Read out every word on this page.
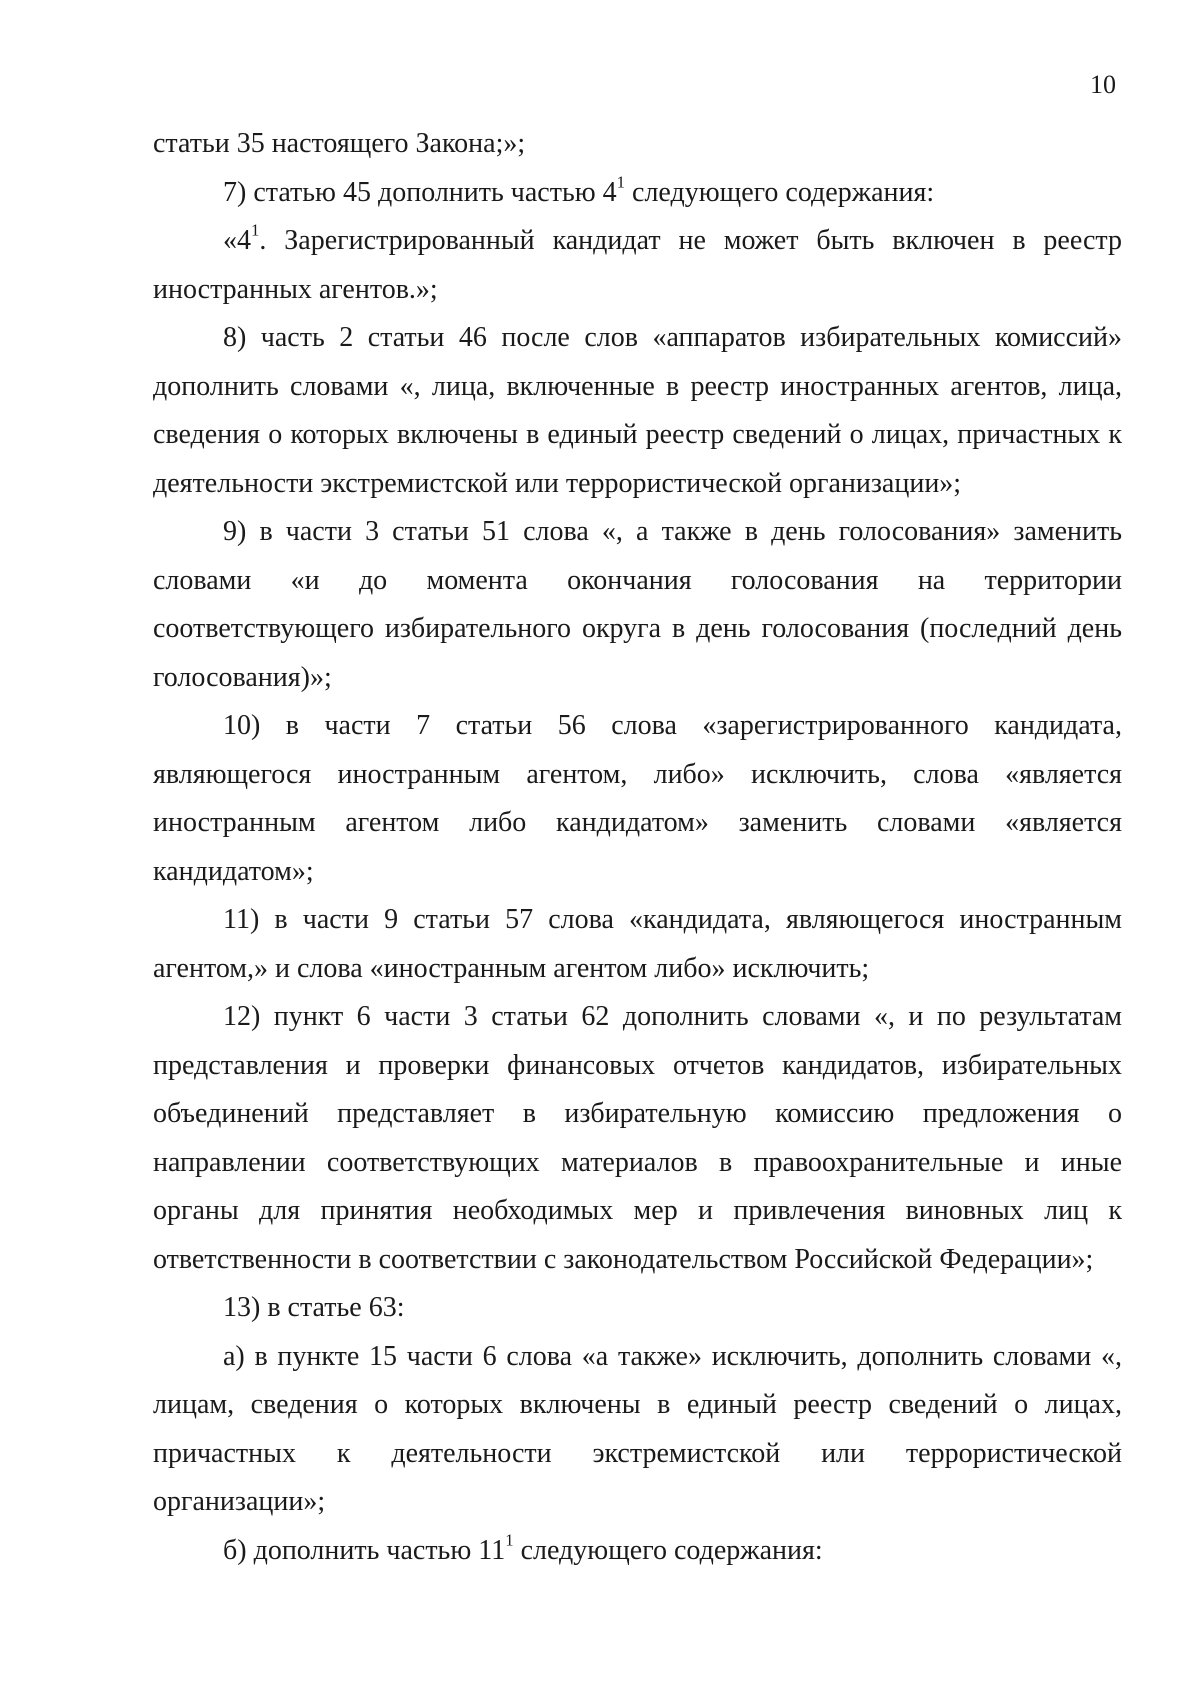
10

статьи 35 настоящего Закона;»;

7) статью 45 дополнить частью $4^1$ следующего содержания:

«$4^1$. Зарегистрированный кандидат не может быть включен в реестр иностранных агентов.»;

8) часть 2 статьи 46 после слов «аппаратов избирательных комиссий» дополнить словами «, лица, включенные в реестр иностранных агентов, лица, сведения о которых включены в единый реестр сведений о лицах, причастных к деятельности экстремистской или террористической организации»;

9) в части 3 статьи 51 слова «, а также в день голосования» заменить словами «и до момента окончания голосования на территории соответствующего избирательного округа в день голосования (последний день голосования)»;

10) в части 7 статьи 56 слова «зарегистрированного кандидата, являющегося иностранным агентом, либо» исключить, слова «является иностранным агентом либо кандидатом» заменить словами «является кандидатом»;

11) в части 9 статьи 57 слова «кандидата, являющегося иностранным агентом,» и слова «иностранным агентом либо» исключить;

12) пункт 6 части 3 статьи 62 дополнить словами «, и по результатам представления и проверки финансовых отчетов кандидатов, избирательных объединений представляет в избирательную комиссию предложения о направлении соответствующих материалов в правоохранительные и иные органы для принятия необходимых мер и привлечения виновных лиц к ответственности в соответствии с законодательством Российской Федерации»;

13) в статье 63:

а) в пункте 15 части 6 слова «а также» исключить, дополнить словами «, лицам, сведения о которых включены в единый реестр сведений о лицах, причастных к деятельности экстремистской или террористической организации»;

б) дополнить частью $11^1$ следующего содержания:
